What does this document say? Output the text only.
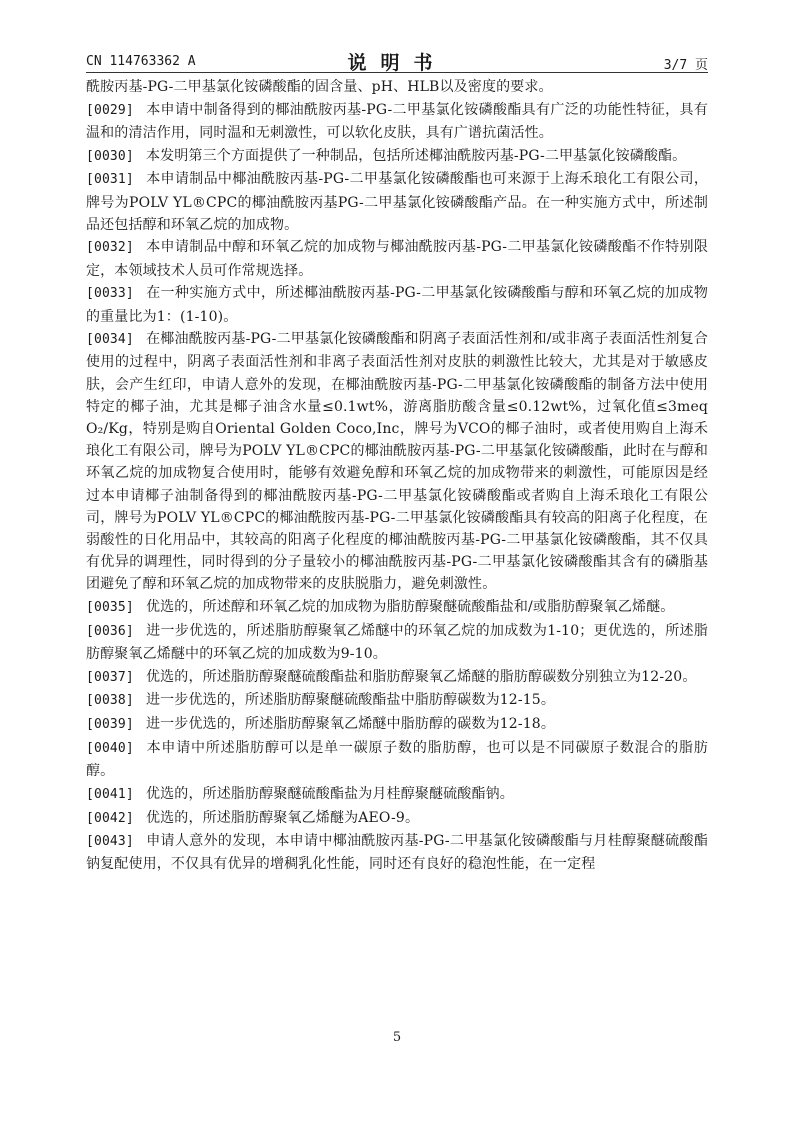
CN 114763362 A	说明书	3/7 页

酰胺丙基-PG-二甲基氯化铵磷酸酯的固含量、pH、HLB以及密度的要求。

[0029] 本申请中制备得到的椰油酰胺丙基-PG-二甲基氯化铵磷酸酯具有广泛的功能性特征，具有温和的清洁作用，同时温和无刺激性，可以软化皮肤，具有广谱抗菌活性。

[0030] 本发明第三个方面提供了一种制品，包括所述椰油酰胺丙基-PG-二甲基氯化铵磷酸酯。

[0031] 本申请制品中椰油酰胺丙基-PG-二甲基氯化铵磷酸酯也可来源于上海禾琅化工有限公司，牌号为POLV YL®CPC的椰油酰胺丙基PG-二甲基氯化铵磷酸酯产品。在一种实施方式中，所述制品还包括醇和环氧乙烷的加成物。

[0032] 本申请制品中醇和环氧乙烷的加成物与椰油酰胺丙基-PG-二甲基氯化铵磷酸酯不作特别限定，本领域技术人员可作常规选择。

[0033] 在一种实施方式中，所述椰油酰胺丙基-PG-二甲基氯化铵磷酸酯与醇和环氧乙烷的加成物的重量比为1：(1-10)。

[0034] 在椰油酰胺丙基-PG-二甲基氯化铵磷酸酯和阴离子表面活性剂和/或非离子表面活性剂复合使用的过程中，阴离子表面活性剂和非离子表面活性剂对皮肤的刺激性比较大，尤其是对于敏感皮肤，会产生红印，申请人意外的发现，在椰油酰胺丙基-PG-二甲基氯化铵磷酸酯的制备方法中使用特定的椰子油，尤其是椰子油含水量≤0.1wt%，游离脂肪酸含量≤0.12wt%，过氧化值≤3meq O₂/Kg，特别是购自Oriental Golden Coco,Inc，牌号为VCO的椰子油时，或者使用购自上海禾琅化工有限公司，牌号为POLV YL®CPC的椰油酰胺丙基-PG-二甲基氯化铵磷酸酯，此时在与醇和环氧乙烷的加成物复合使用时，能够有效避免醇和环氧乙烷的加成物带来的刺激性，可能原因是经过本申请椰子油制备得到的椰油酰胺丙基-PG-二甲基氯化铵磷酸酯或者购自上海禾琅化工有限公司，牌号为POLV YL®CPC的椰油酰胺丙基-PG-二甲基氯化铵磷酸酯具有较高的阳离子化程度，在弱酸性的日化用品中，其较高的阳离子化程度的椰油酰胺丙基-PG-二甲基氯化铵磷酸酯，其不仅具有优异的调理性，同时得到的分子量较小的椰油酰胺丙基-PG-二甲基氯化铵磷酸酯其含有的磷脂基团避免了醇和环氧乙烷的加成物带来的皮肤脱脂力，避免刺激性。

[0035] 优选的，所述醇和环氧乙烷的加成物为脂肪醇聚醚硫酸酯盐和/或脂肪醇聚氧乙烯醚。

[0036] 进一步优选的，所述脂肪醇聚氧乙烯醚中的环氧乙烷的加成数为1-10；更优选的，所述脂肪醇聚氧乙烯醚中的环氧乙烷的加成数为9-10。

[0037] 优选的，所述脂肪醇聚醚硫酸酯盐和脂肪醇聚氧乙烯醚的脂肪醇碳数分别独立为12-20。

[0038] 进一步优选的，所述脂肪醇聚醚硫酸酯盐中脂肪醇碳数为12-15。

[0039] 进一步优选的，所述脂肪醇聚氧乙烯醚中脂肪醇的碳数为12-18。

[0040] 本申请中所述脂肪醇可以是单一碳原子数的脂肪醇，也可以是不同碳原子数混合的脂肪醇。

[0041] 优选的，所述脂肪醇聚醚硫酸酯盐为月桂醇聚醚硫酸酯钠。

[0042] 优选的，所述脂肪醇聚氧乙烯醚为AEO-9。

[0043] 申请人意外的发现，本申请中椰油酰胺丙基-PG-二甲基氯化铵磷酸酯与月桂醇聚醚硫酸酯钠复配使用，不仅具有优异的增稠乳化性能，同时还有良好的稳泡性能，在一定程

5
